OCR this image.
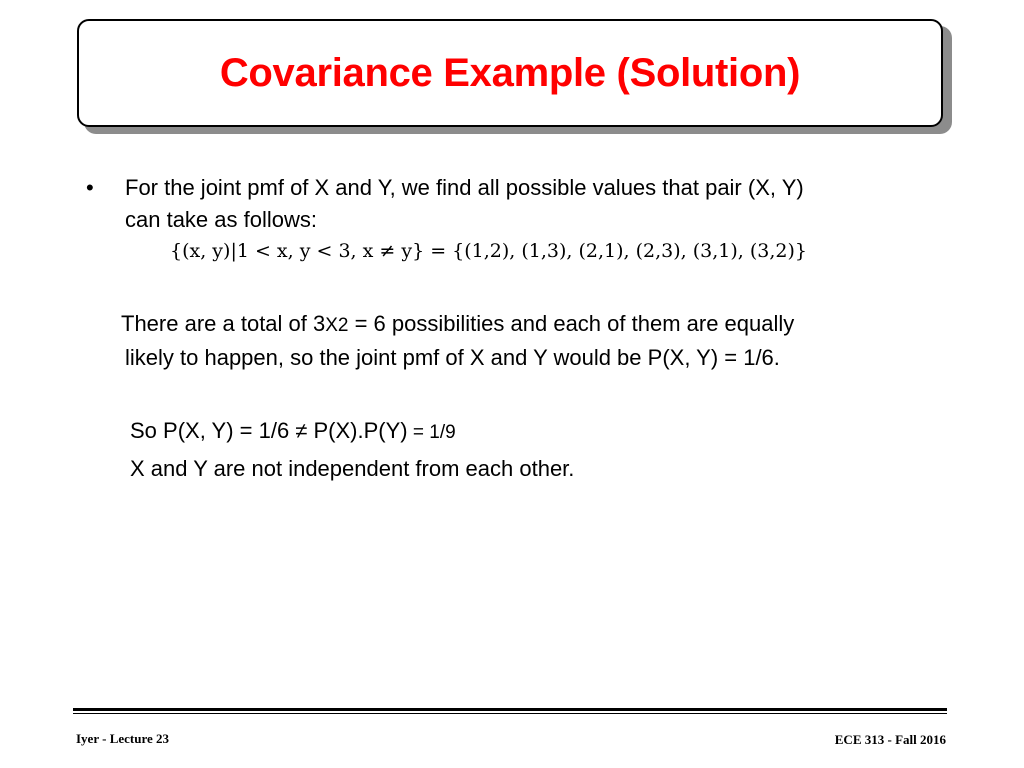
Covariance Example (Solution)
• For the joint pmf of X and Y, we find all possible values that pair (X, Y)
can take as follows:
{(x, y)|1 < x, y < 3, x ≠ y} = {(1,2), (1,3), (2,1), (2,3), (3,1), (3,2)}
There are a total of 3X2 = 6 possibilities and each of them are equally
likely to happen, so the joint pmf of X and Y would be P(X, Y) = 1/6.
So P(X, Y) = 1/6 ≠ P(X).P(Y) = 1/9
X and Y are not independent from each other.
Iyer - Lecture 23	ECE 313 - Fall 2016
